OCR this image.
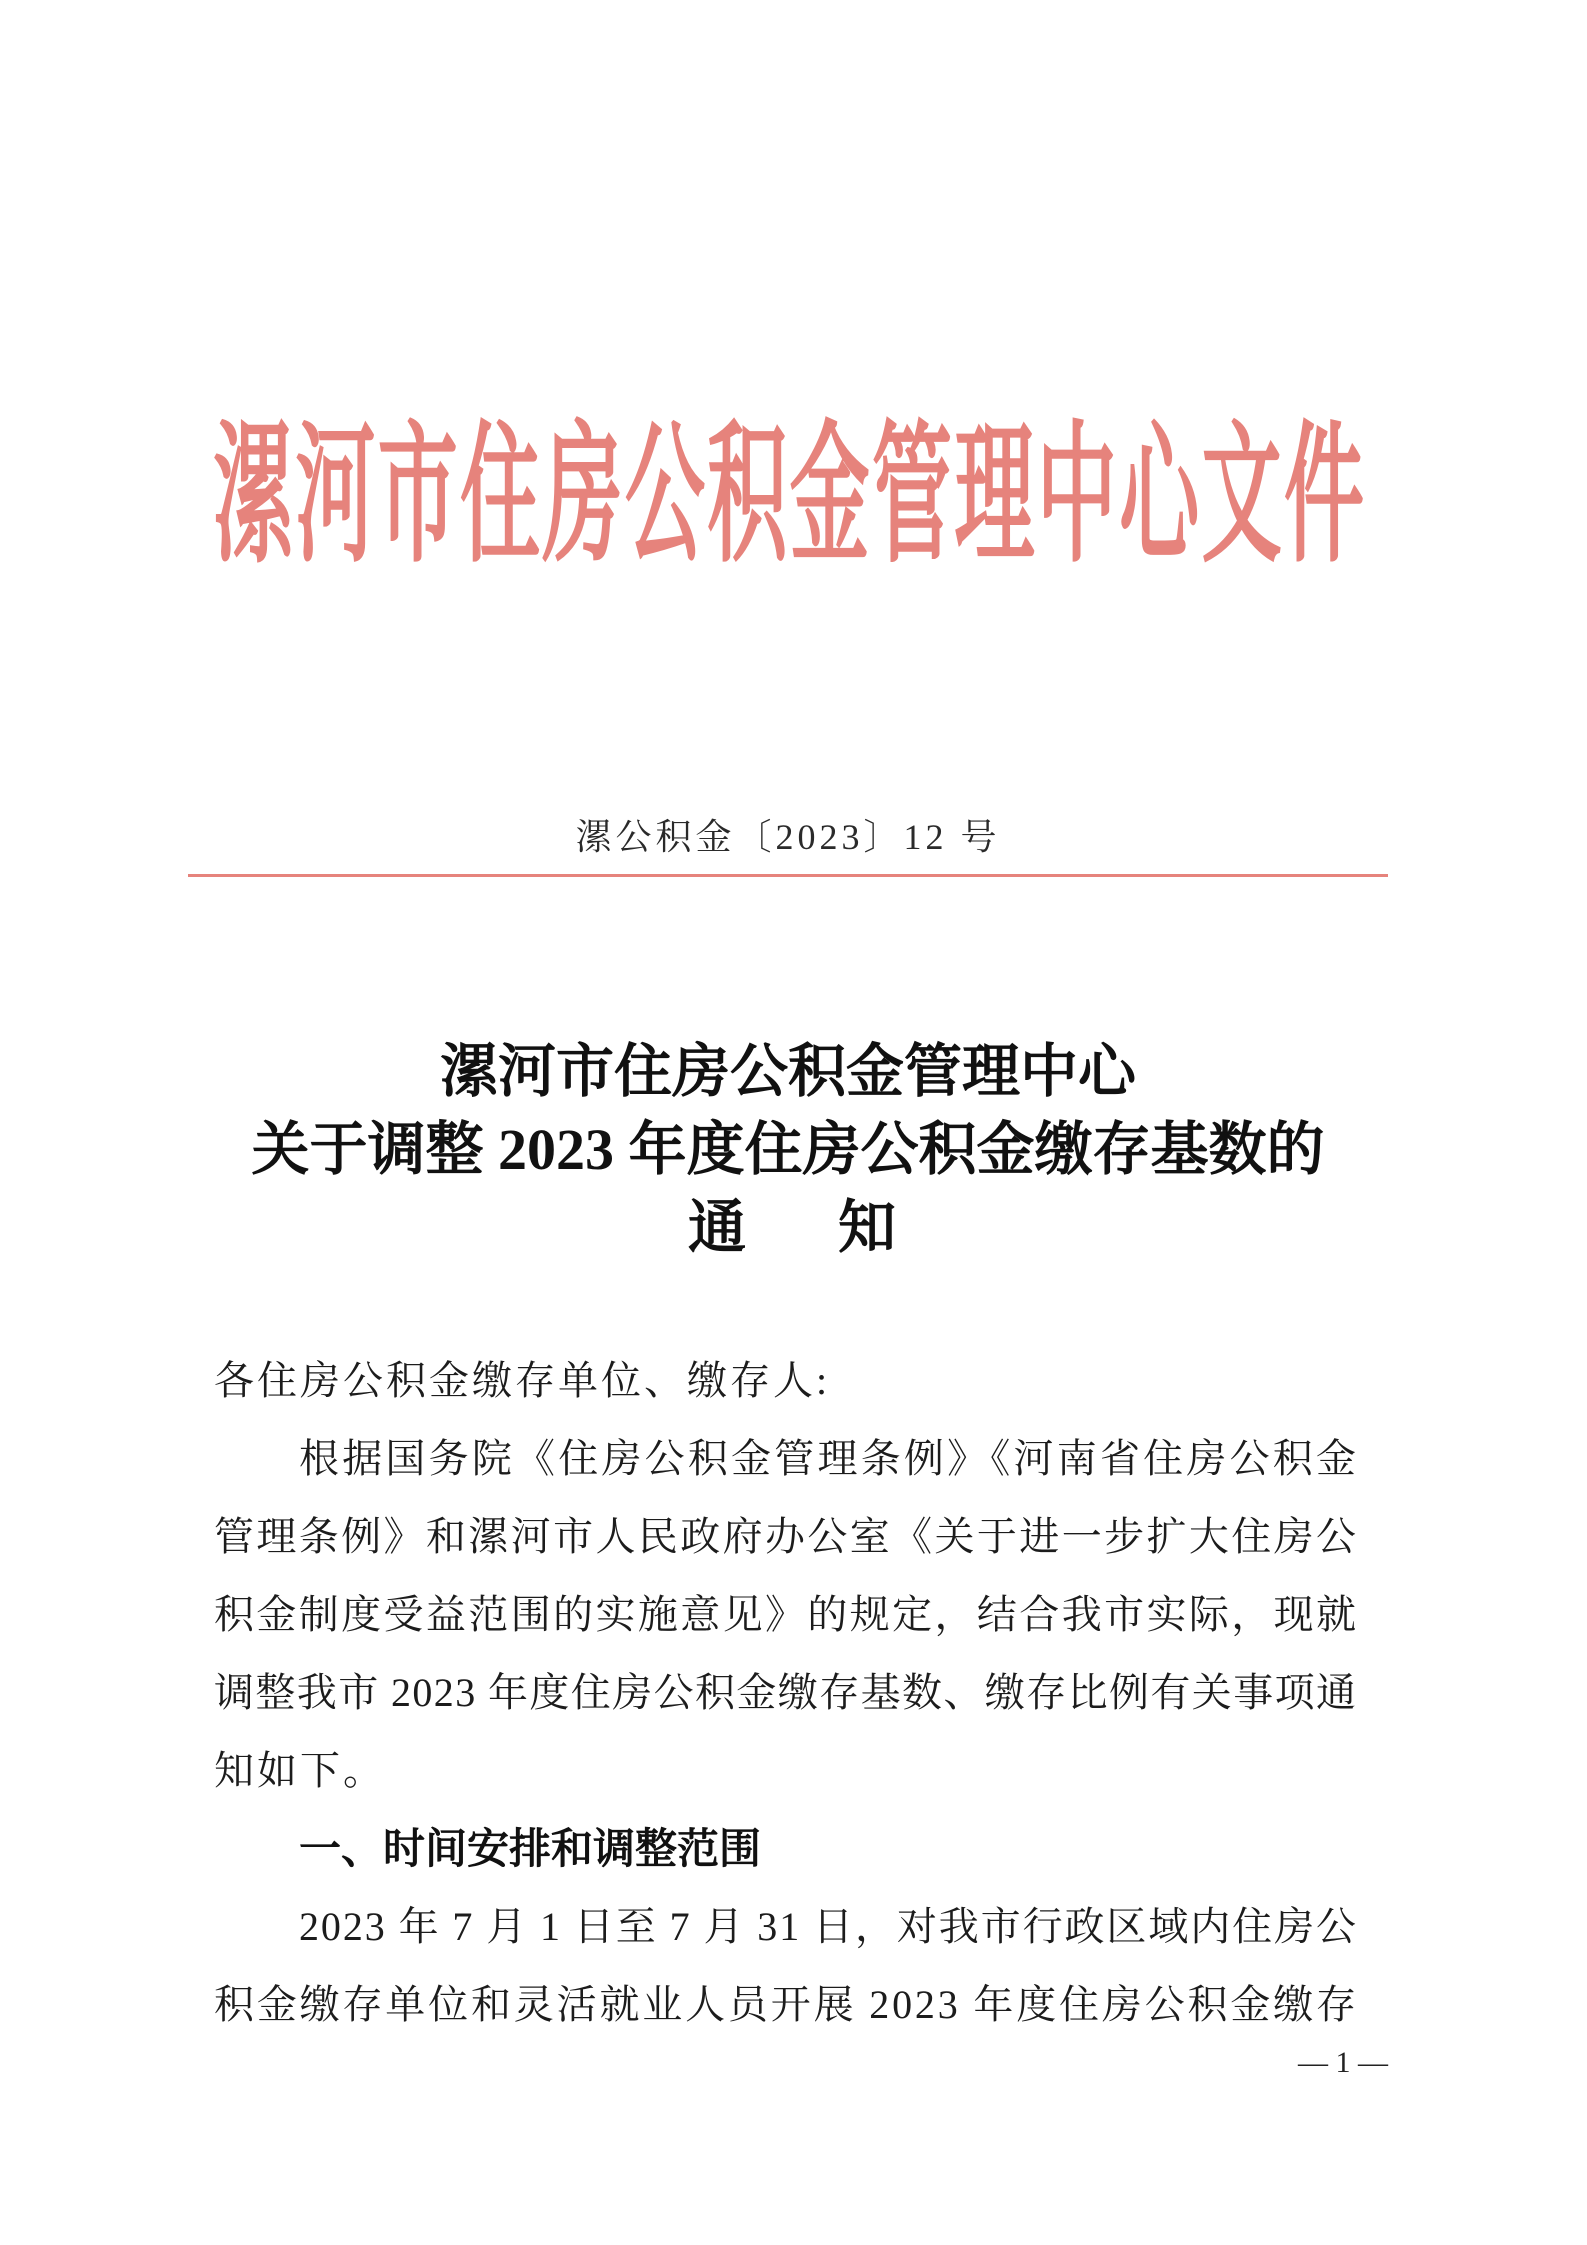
漯河市住房公积金管理中心文件
漯公积金〔2023〕12 号
漯河市住房公积金管理中心
关于调整 2023 年度住房公积金缴存基数的
通　　知
各住房公积金缴存单位、缴存人:
根据国务院《住房公积金管理条例》《河南省住房公积金
管理条例》和漯河市人民政府办公室《关于进一步扩大住房公
积金制度受益范围的实施意见》的规定，结合我市实际，现就
调整我市 2023 年度住房公积金缴存基数、缴存比例有关事项通
知如下。
一、时间安排和调整范围
2023 年 7 月 1 日至 7 月 31 日，对我市行政区域内住房公
积金缴存单位和灵活就业人员开展 2023 年度住房公积金缴存
— 1 —
